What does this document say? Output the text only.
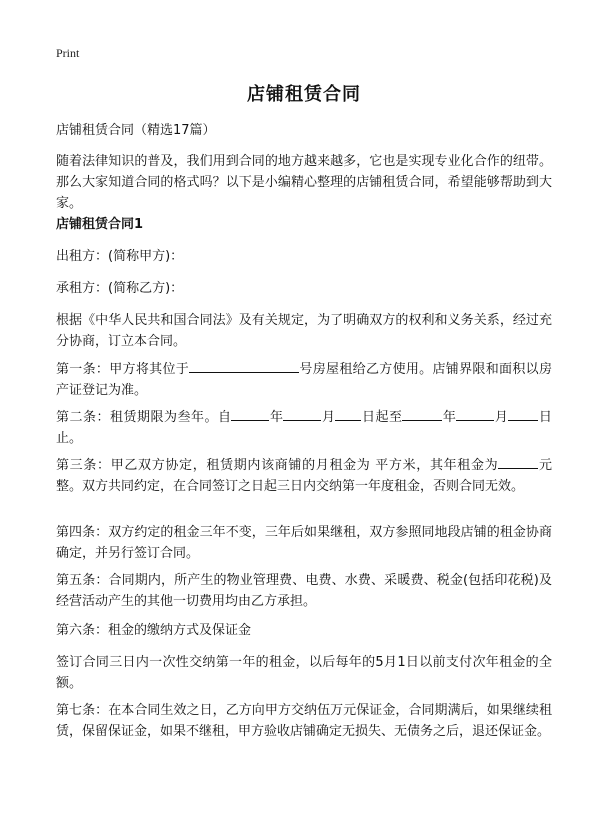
Print
店铺租赁合同

店铺租赁合同（精选17篇）

随着法律知识的普及，我们用到合同的地方越来越多，它也是实现专业化合作的纽带。那么大家知道合同的格式吗？以下是小编精心整理的店铺租赁合同，希望能够帮助到大家。

店铺租赁合同1

出租方：(简称甲方)：

承租方：(简称乙方)：

根据《中华人民共和国合同法》及有关规定，为了明确双方的权利和义务关系，经过充分协商，订立本合同。

第一条：甲方将其位于	号房屋租给乙方使用。店铺界限和面积以房产证登记为准。

第二条：租赁期限为叁年。自	年	月 日起至	年	月 日止。

第三条：甲乙双方协定，租赁期内该商铺的月租金为 平方米，其年租金为	元整。双方共同约定，在合同签订之日起三日内交纳第一年度租金，否则合同无效。

第四条：双方约定的租金三年不变，三年后如果继租，双方参照同地段店铺的租金协商确定，并另行签订合同。

第五条：合同期内，所产生的物业管理费、电费、水费、采暖费、税金(包括印花税)及经营活动产生的其他一切费用均由乙方承担。

第六条：租金的缴纳方式及保证金

签订合同三日内一次性交纳第一年的租金，以后每年的5月1日以前支付次年租金的全额。

第七条：在本合同生效之日，乙方向甲方交纳伍万元保证金，合同期满后，如果继续租赁，保留保证金，如果不继租，甲方验收店铺确定无损失、无债务之后，退还保证金。
